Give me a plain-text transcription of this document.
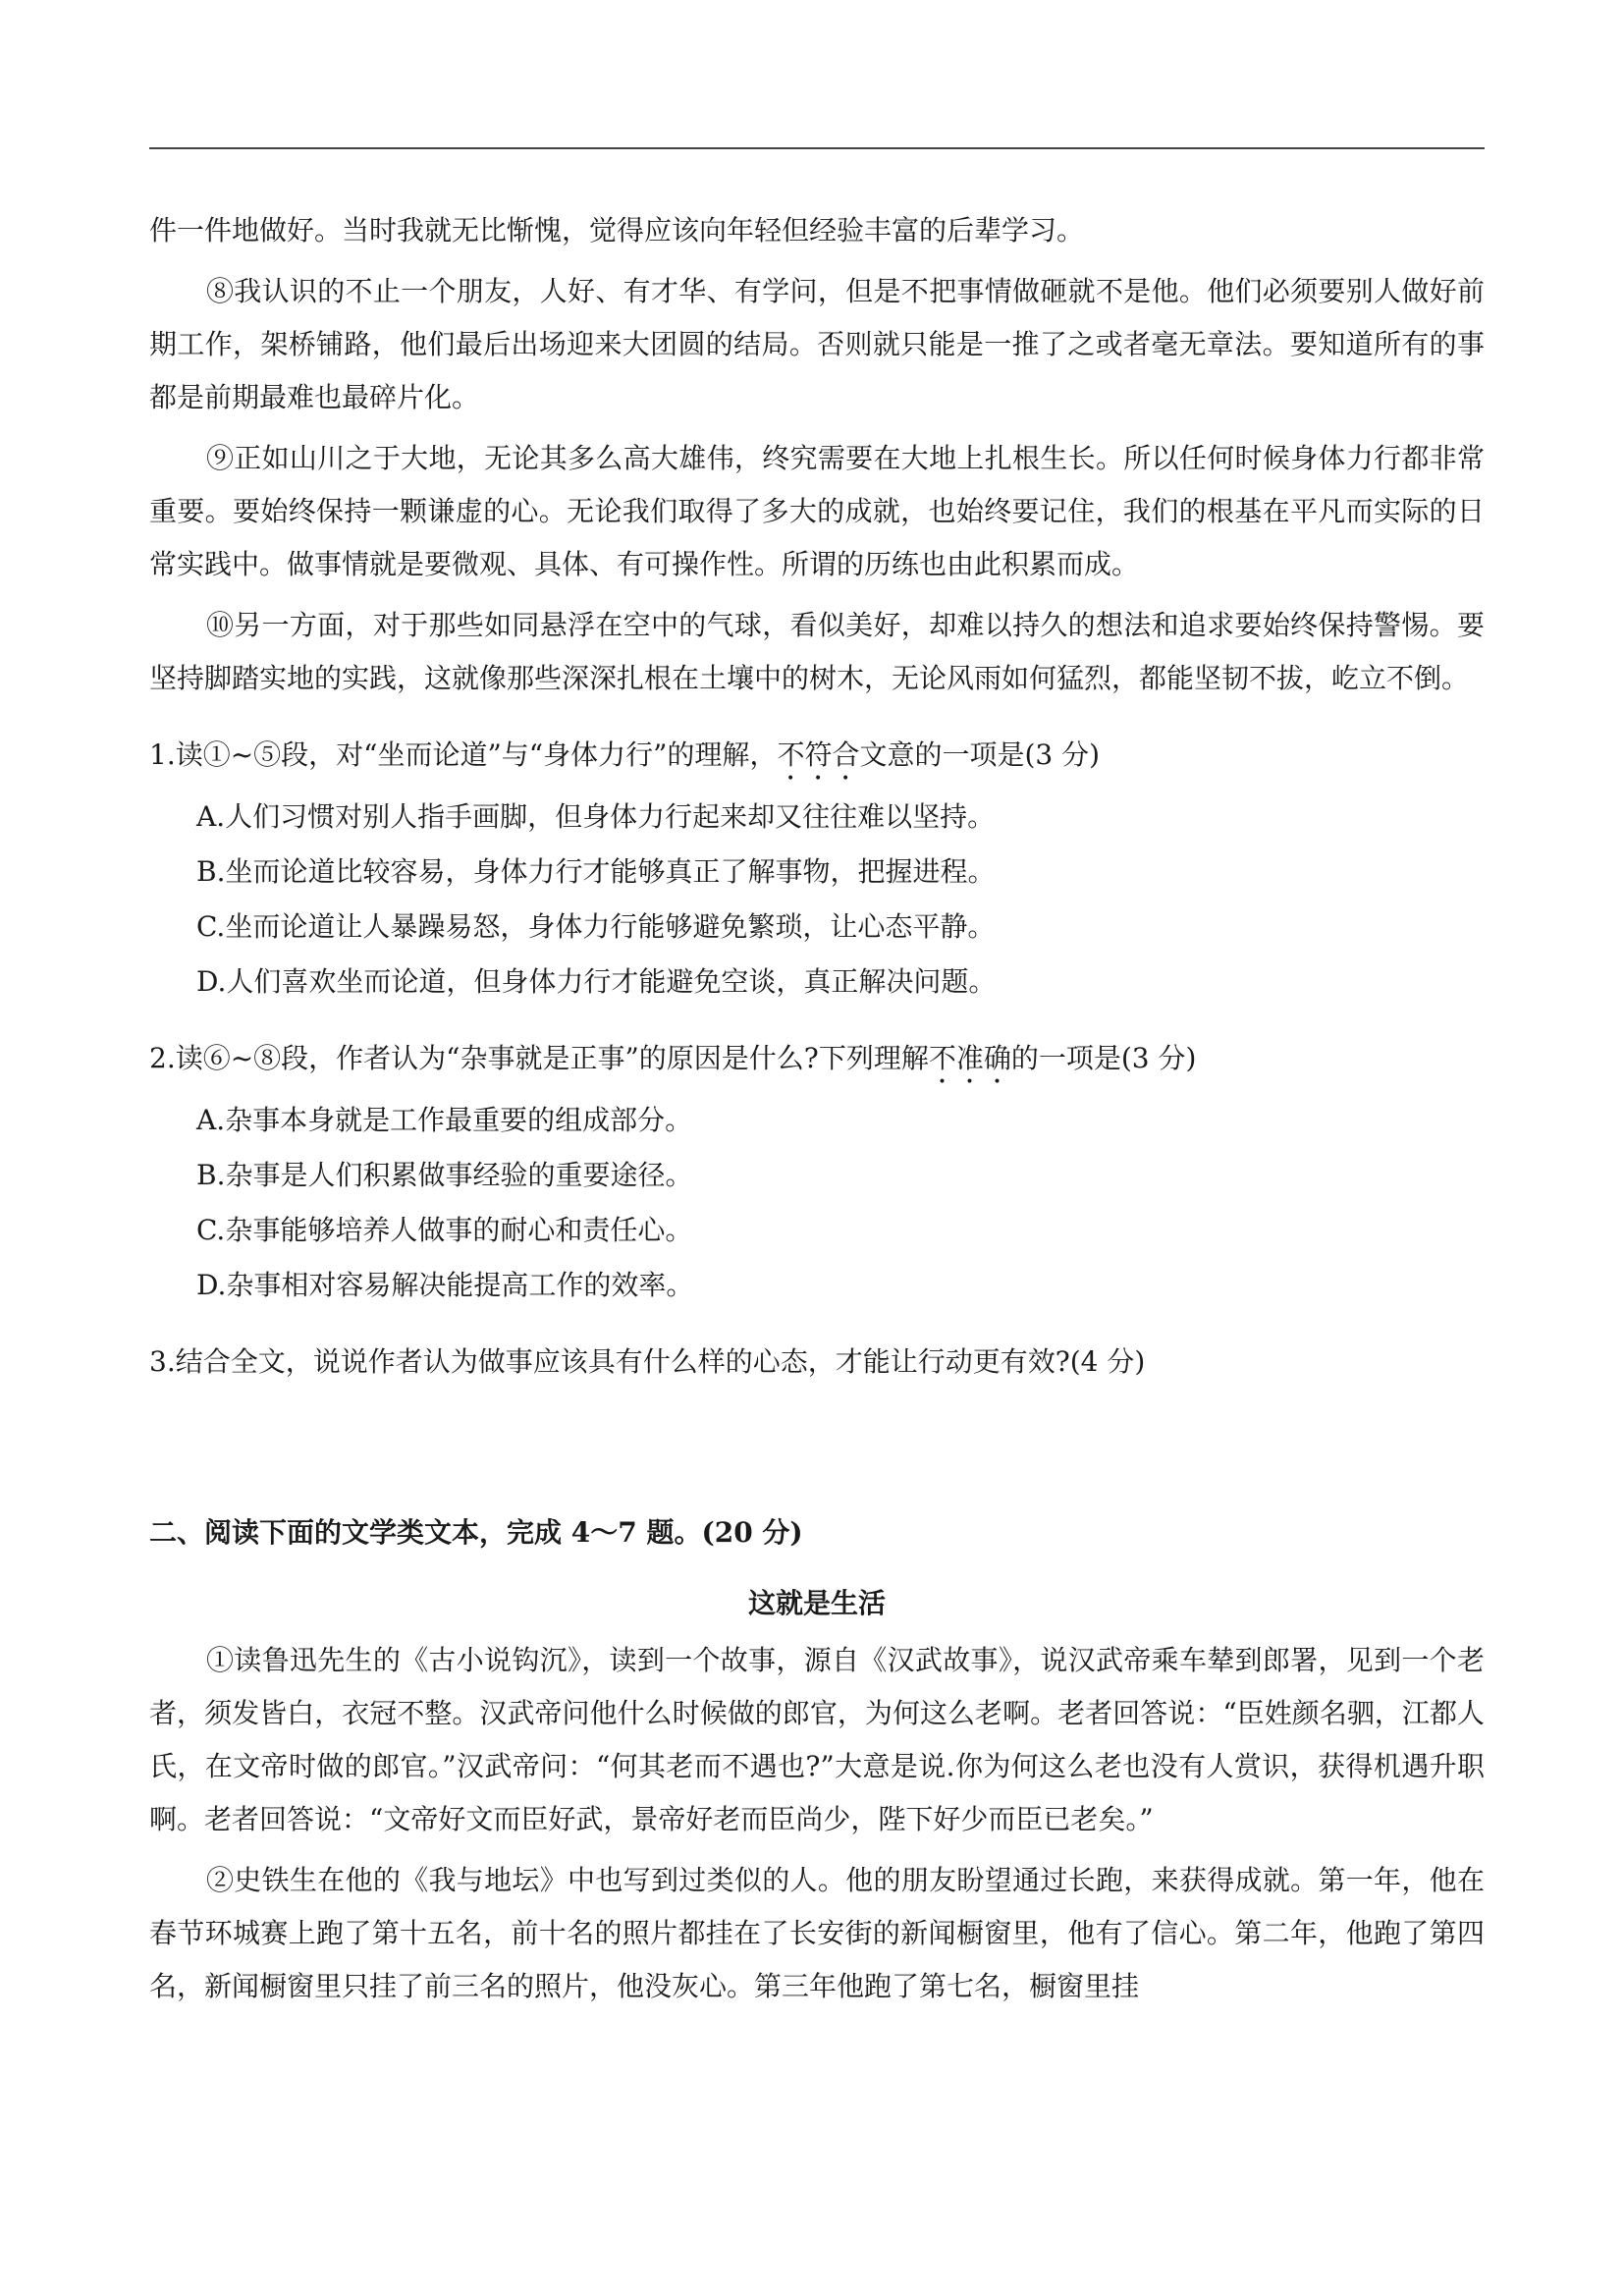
件一件地做好。当时我就无比惭愧，觉得应该向年轻但经验丰富的后辈学习。

⑧我认识的不止一个朋友，人好、有才华、有学问，但是不把事情做砸就不是他。他们必须要别人做好前期工作，架桥铺路，他们最后出场迎来大团圆的结局。否则就只能是一推了之或者毫无章法。要知道所有的事都是前期最难也最碎片化。

⑨正如山川之于大地，无论其多么高大雄伟，终究需要在大地上扎根生长。所以任何时候身体力行都非常重要。要始终保持一颗谦虚的心。无论我们取得了多大的成就，也始终要记住，我们的根基在平凡而实际的日常实践中。做事情就是要微观、具体、有可操作性。所谓的历练也由此积累而成。

⑩另一方面，对于那些如同悬浮在空中的气球，看似美好，却难以持久的想法和追求要始终保持警惕。要坚持脚踏实地的实践，这就像那些深深扎根在土壤中的树木，无论风雨如何猛烈，都能坚韧不拔，屹立不倒。

1.读①~⑤段，对“坐而论道”与“身体力行”的理解，不符合文意的一项是(3 分)
A.人们习惯对别人指手画脚，但身体力行起来却又往往难以坚持。
B.坐而论道比较容易，身体力行才能够真正了解事物，把握进程。
C.坐而论道让人暴躁易怒，身体力行能够避免繁琐，让心态平静。
D.人们喜欢坐而论道，但身体力行才能避免空谈，真正解决问题。
2.读⑥~⑧段，作者认为“杂事就是正事”的原因是什么?下列理解不准确的一项是(3 分)
A.杂事本身就是工作最重要的组成部分。
B.杂事是人们积累做事经验的重要途径。
C.杂事能够培养人做事的耐心和责任心。
D.杂事相对容易解决能提高工作的效率。
3.结合全文，说说作者认为做事应该具有什么样的心态，才能让行动更有效?(4 分)
二、阅读下面的文学类文本，完成 4～7 题。(20 分)
这就是生活

①读鲁迅先生的《古小说钩沉》，读到一个故事，源自《汉武故事》，说汉武帝乘车辇到郎署，见到一个老者，须发皆白，衣冠不整。汉武帝问他什么时候做的郎官，为何这么老啊。老者回答说：“臣姓颜名驷，江都人氏，在文帝时做的郎官。”汉武帝问：“何其老而不遇也?”大意是说.你为何这么老也没有人赏识，获得机遇升职啊。老者回答说：“文帝好文而臣好武，景帝好老而臣尚少，陛下好少而臣已老矣。”

②史铁生在他的《我与地坛》中也写到过类似的人。他的朋友盼望通过长跑，来获得成就。第一年，他在春节环城赛上跑了第十五名，前十名的照片都挂在了长安街的新闻橱窗里，他有了信心。第二年，他跑了第四名，新闻橱窗里只挂了前三名的照片，他没灰心。第三年他跑了第七名，橱窗里挂
